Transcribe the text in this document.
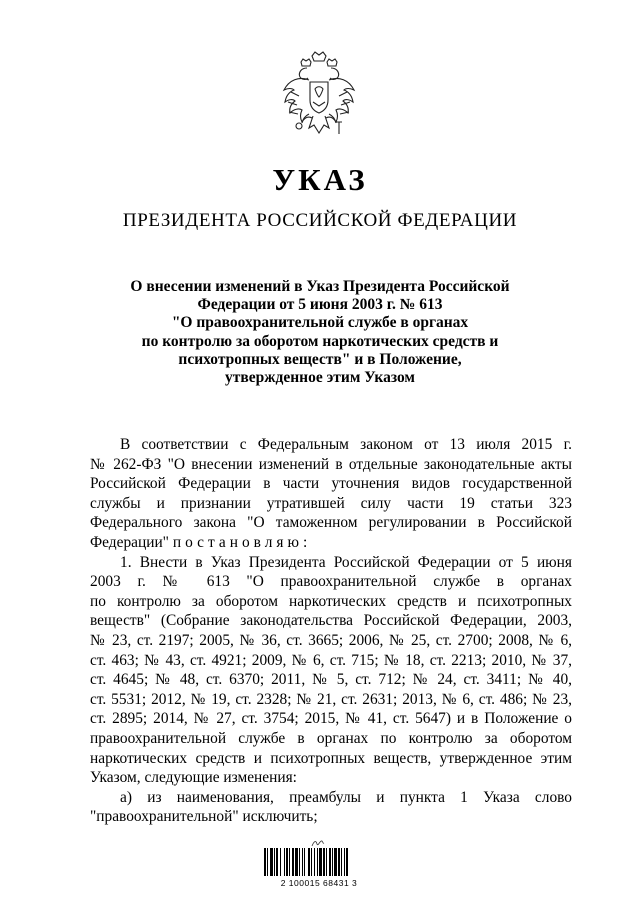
УКАЗ
ПРЕЗИДЕНТА РОССИЙСКОЙ ФЕДЕРАЦИИ
О внесении изменений в Указ Президента Российской
Федерации от 5 июня 2003 г. № 613
"О правоохранительной службе в органах
по контролю за оборотом наркотических средств и
психотропных веществ" и в Положение,
утвержденное этим Указом
В соответствии с Федеральным законом от 13 июля 2015 г.
№ 262-ФЗ "О внесении изменений в отдельные законодательные акты
Российской Федерации в части уточнения видов государственной
службы и признании утратившей силу части 19 статьи 323
Федерального закона "О таможенном регулировании в Российской
Федерации" постановляю:
1. Внести в Указ Президента Российской Федерации от 5 июня
2003 г. № 613 "О правоохранительной службе в органах
по контролю за оборотом наркотических средств и психотропных
веществ" (Собрание законодательства Российской Федерации, 2003,
№ 23, ст. 2197; 2005, № 36, ст. 3665; 2006, № 25, ст. 2700; 2008, № 6,
ст. 463; № 43, ст. 4921; 2009, № 6, ст. 715; № 18, ст. 2213; 2010, № 37,
ст. 4645; № 48, ст. 6370; 2011, № 5, ст. 712; № 24, ст. 3411; № 40,
ст. 5531; 2012, № 19, ст. 2328; № 21, ст. 2631; 2013, № 6, ст. 486; № 23,
ст. 2895; 2014, № 27, ст. 3754; 2015, № 41, ст. 5647) и в Положение о
правоохранительной службе в органах по контролю за оборотом
наркотических средств и психотропных веществ, утвержденное этим
Указом, следующие изменения:
а) из наименования, преамбулы и пункта 1 Указа слово
"правоохранительной" исключить;
2 100015 68431 3
